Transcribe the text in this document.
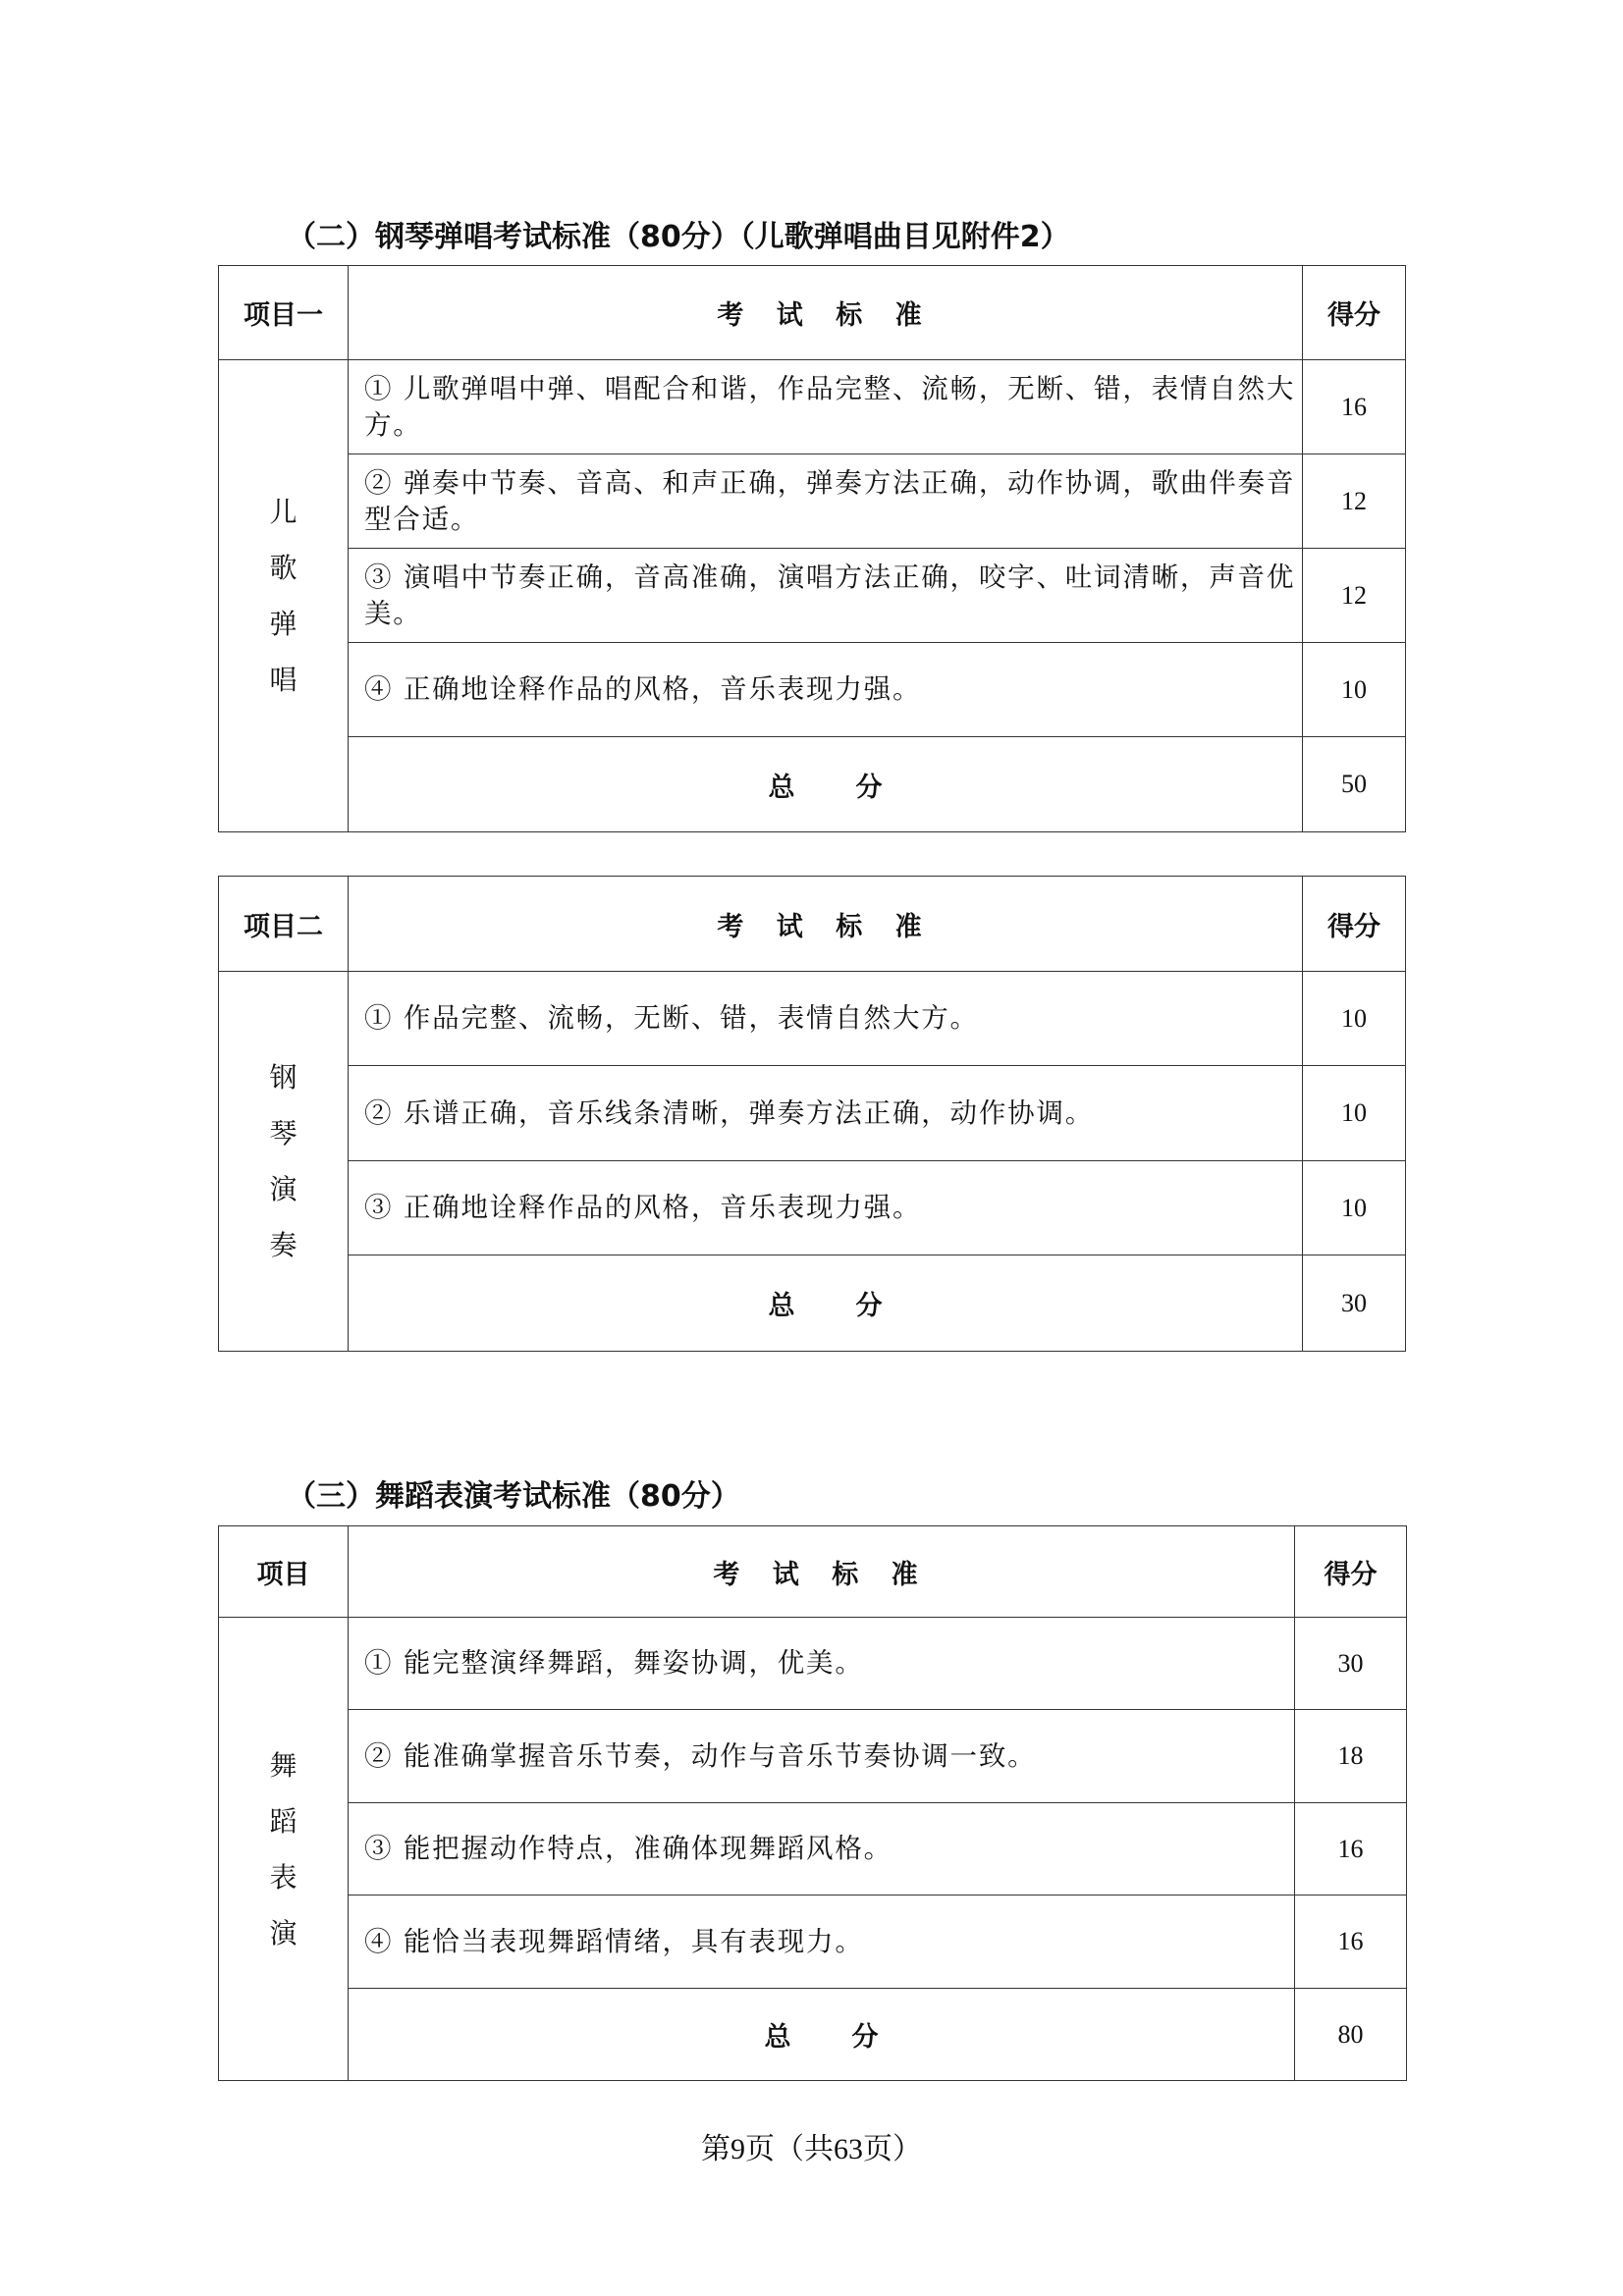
（二）钢琴弹唱考试标准（80分）（儿歌弹唱曲目见附件2）
项目一	考 试 标 准	得分

儿
歌
弹
唱	① 儿歌弹唱中弹、唱配合和谐，作品完整、流畅，无断、错，表情自然大
方。	16

	② 弹奏中节奏、音高、和声正确，弹奏方法正确，动作协调，歌曲伴奏音
型合适。	12

	③ 演唱中节奏正确，音高准确，演唱方法正确，咬字、吐词清晰，声音优
美。	12

	④ 正确地诠释作品的风格，音乐表现力强。	10
	总 分	50
项目二	考 试 标 准	得分

钢
琴
演
奏	① 作品完整、流畅，无断、错，表情自然大方。	10

	② 乐谱正确，音乐线条清晰，弹奏方法正确，动作协调。	10

	③ 正确地诠释作品的风格，音乐表现力强。	10
	总 分	30
（三）舞蹈表演考试标准（80分）
项目	考 试 标 准	得分

舞
蹈
表
演	① 能完整演绎舞蹈，舞姿协调，优美。	30

	② 能准确掌握音乐节奏，动作与音乐节奏协调一致。	18

	③ 能把握动作特点，准确体现舞蹈风格。	16

	④ 能恰当表现舞蹈情绪，具有表现力。	16
	总 分	80
第9页（共63页）
